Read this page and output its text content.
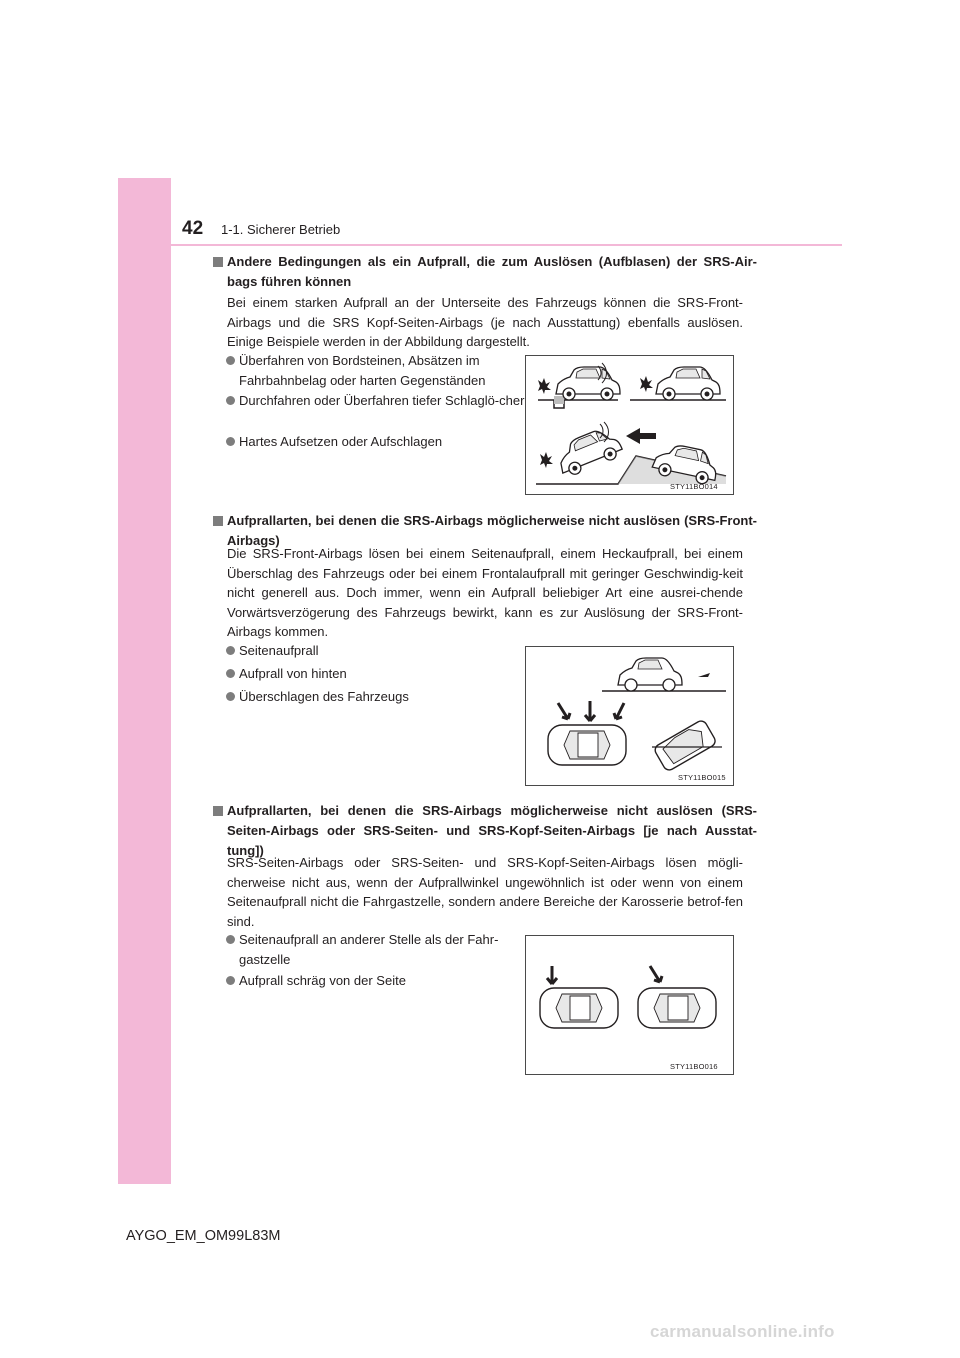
42 1-1. Sicherer Betrieb
Andere Bedingungen als ein Aufprall, die zum Auslösen (Aufblasen) der SRS-Air-bags führen können
Bei einem starken Aufprall an der Unterseite des Fahrzeugs können die SRS-Front-Airbags und die SRS Kopf-Seiten-Airbags (je nach Ausstattung) ebenfalls auslösen. Einige Beispiele werden in der Abbildung dargestellt.
Überfahren von Bordsteinen, Absätzen im Fahrbahnbelag oder harten Gegenständen
Durchfahren oder Überfahren tiefer Schlaglö-cher
Hartes Aufsetzen oder Aufschlagen
STY11BO014
Aufprallarten, bei denen die SRS-Airbags möglicherweise nicht auslösen (SRS-Front-Airbags)
Die SRS-Front-Airbags lösen bei einem Seitenaufprall, einem Heckaufprall, bei einem Überschlag des Fahrzeugs oder bei einem Frontalaufprall mit geringer Geschwindig-keit nicht generell aus. Doch immer, wenn ein Aufprall beliebiger Art eine ausrei-chende Vorwärtsverzögerung des Fahrzeugs bewirkt, kann es zur Auslösung der SRS-Front-Airbags kommen.
Seitenaufprall
Aufprall von hinten
Überschlagen des Fahrzeugs
STY11BO015
Aufprallarten, bei denen die SRS-Airbags möglicherweise nicht auslösen (SRS-Seiten-Airbags oder SRS-Seiten- und SRS-Kopf-Seiten-Airbags [je nach Ausstat-tung])
SRS-Seiten-Airbags oder SRS-Seiten- und SRS-Kopf-Seiten-Airbags lösen mögli-cherweise nicht aus, wenn der Aufprallwinkel ungewöhnlich ist oder wenn von einem Seitenaufprall nicht die Fahrgastzelle, sondern andere Bereiche der Karosserie betrof-fen sind.
Seitenaufprall an anderer Stelle als der Fahr-gastzelle
Aufprall schräg von der Seite
STY11BO016
AYGO_EM_OM99L83M
carmanualsonline.info
